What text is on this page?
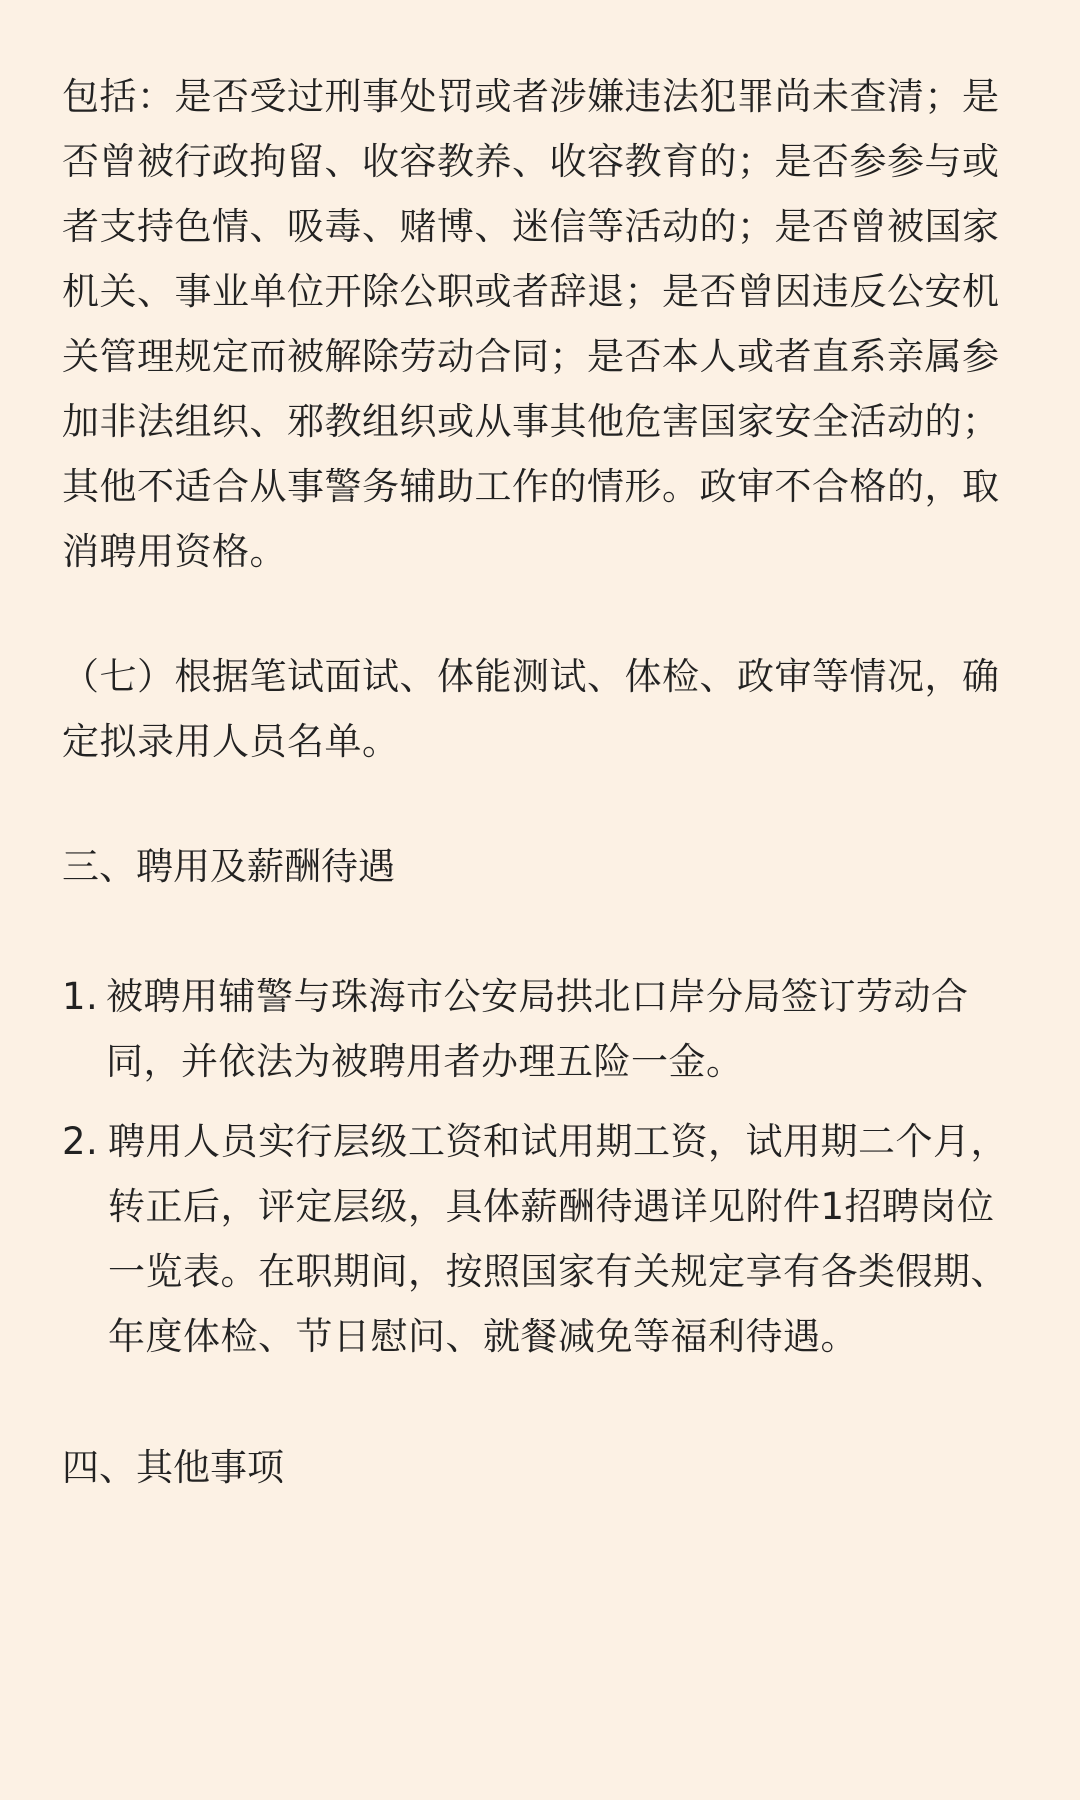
包括：是否受过刑事处罚或者涉嫌违法犯罪尚未查清；是否曾被行政拘留、收容教养、收容教育的；是否参参与或者支持色情、吸毒、赌博、迷信等活动的；是否曾被国家机关、事业单位开除公职或者辞退；是否曾因违反公安机关管理规定而被解除劳动合同；是否本人或者直系亲属参加非法组织、邪教组织或从事其他危害国家安全活动的；其他不适合从事警务辅助工作的情形。政审不合格的，取消聘用资格。

（七）根据笔试面试、体能测试、体检、政审等情况，确定拟录用人员名单。

三、聘用及薪酬待遇
1. 被聘用辅警与珠海市公安局拱北口岸分局签订劳动合同，并依法为被聘用者办理五险一金。
2. 聘用人员实行层级工资和试用期工资，试用期二个月，转正后，评定层级，具体薪酬待遇详见附件1招聘岗位一览表。在职期间，按照国家有关规定享有各类假期、年度体检、节日慰问、就餐减免等福利待遇。
四、其他事项
